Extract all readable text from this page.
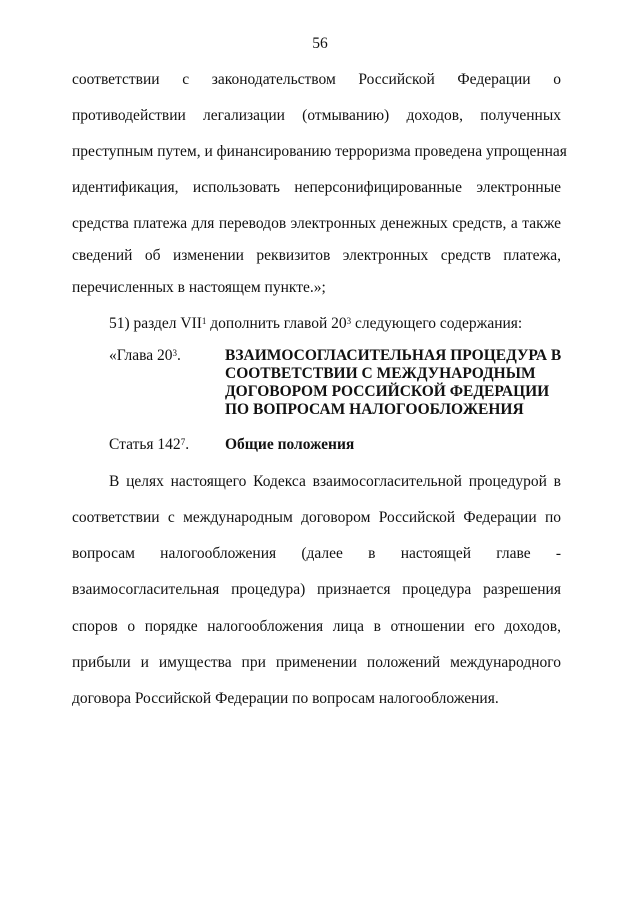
56
соответствии с законодательством Российской Федерации о
противодействии легализации (отмыванию) доходов, полученных
преступным путем, и финансированию терроризма проведена упрощенная
идентификация, использовать неперсонифицированные электронные
средства платежа для переводов электронных денежных средств, а также
сведений об изменении реквизитов электронных средств платежа,
перечисленных в настоящем пункте.»;
51) раздел VII$^1$ дополнить главой $20^3$ следующего содержания:
«Глава $20^3$.	ВЗАИМОСОГЛАСИТЕЛЬНАЯ ПРОЦЕДУРА В
СООТВЕТСТВИИ С МЕЖДУНАРОДНЫМ
ДОГОВОРОМ РОССИЙСКОЙ ФЕДЕРАЦИИ
ПО ВОПРОСАМ НАЛОГООБЛОЖЕНИЯ
Статья $142^7$. Общие положения
В целях настоящего Кодекса взаимосогласительной процедурой в
соответствии с международным договором Российской Федерации по
вопросам налогообложения (далее в настоящей главе -
взаимосогласительная процедура) признается процедура разрешения
споров о порядке налогообложения лица в отношении его доходов,
прибыли и имущества при применении положений международного
договора Российской Федерации по вопросам налогообложения.
